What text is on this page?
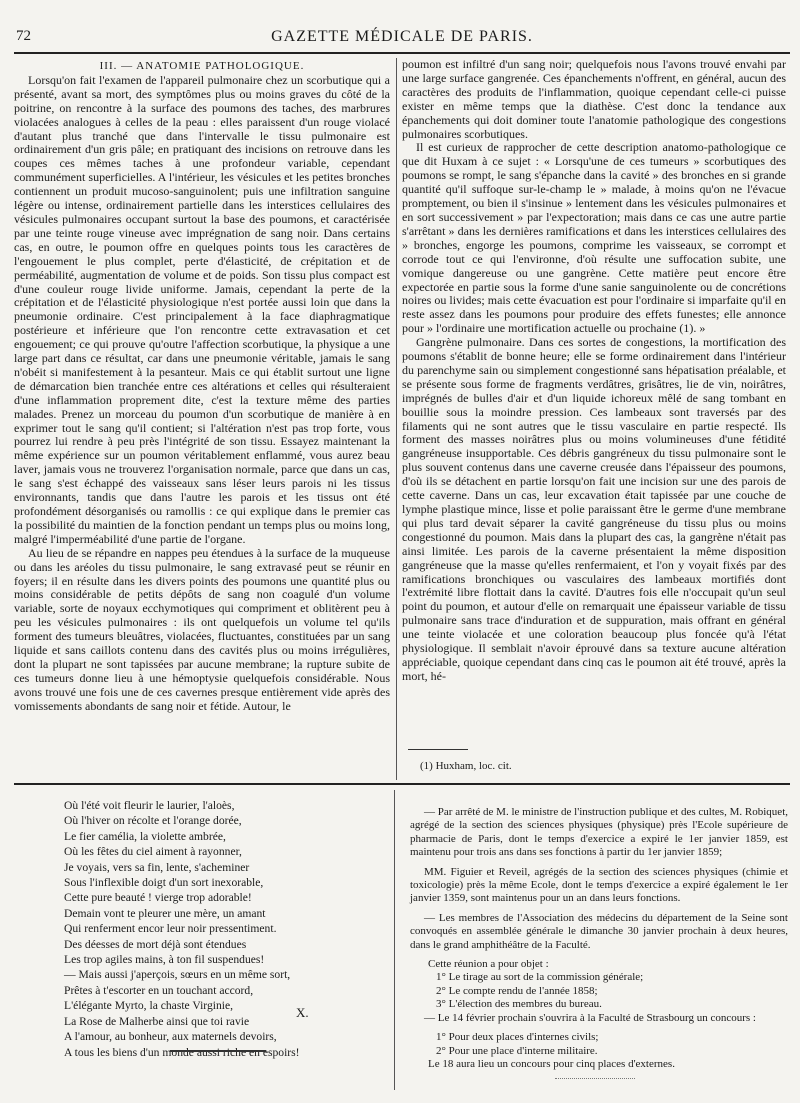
72	GAZETTE MÉDICALE DE PARIS.

III. — ANATOMIE PATHOLOGIQUE.

Lorsqu'on fait l'examen de l'appareil pulmonaire chez un scorbutique qui a présenté, avant sa mort, des symptômes plus ou moins graves du côté de la poitrine, on rencontre à la surface des poumons des taches, des marbrures violacées analogues à celles de la peau : elles paraissent d'un rouge violacé d'autant plus tranché que dans l'intervalle le tissu pulmonaire est ordinairement d'un gris pâle; en pratiquant des incisions on retrouve dans les coupes ces mêmes taches à une profondeur variable, cependant communément superficielles. A l'intérieur, les vésicules et les petites bronches contiennent un produit mucoso-sanguinolent; puis une infiltration sanguine légère ou intense, ordinairement partielle dans les interstices cellulaires des vésicules pulmonaires occupant surtout la base des poumons, et caractérisée par une teinte rouge vineuse avec imprégnation de sang noir. Dans certains cas, en outre, le poumon offre en quelques points tous les caractères de l'engouement le plus complet, perte d'élasticité, de crépitation et de perméabilité, augmentation de volume et de poids. Son tissu plus compact est d'une couleur rouge livide uniforme. Jamais, cependant la perte de la crépitation et de l'élasticité physiologique n'est portée aussi loin que dans la pneumonie ordinaire. C'est principalement à la face diaphragmatique postérieure et inférieure que l'on rencontre cette extravasation et cet engouement; ce qui prouve qu'outre l'affection scorbutique, la physique a une large part dans ce résultat, car dans une pneumonie véritable, jamais le sang n'obéit si manifestement à la pesanteur. Mais ce qui établit surtout une ligne de démarcation bien tranchée entre ces altérations et celles qui résulteraient d'une inflammation proprement dite, c'est la texture même des parties malades. Prenez un morceau du poumon d'un scorbutique de manière à en exprimer tout le sang qu'il contient; si l'altération n'est pas trop forte, vous pourrez lui rendre à peu près l'intégrité de son tissu. Essayez maintenant la même expérience sur un poumon véritablement enflammé, vous aurez beau laver, jamais vous ne trouverez l'organisation normale, parce que dans un cas, le sang s'est échappé des vaisseaux sans léser leurs parois ni les tissus environnants, tandis que dans l'autre les parois et les tissus ont été profondément désorganisés ou ramollis : ce qui explique dans le premier cas la possibilité du maintien de la fonction pendant un temps plus ou moins long, malgré l'imperméabilité d'une partie de l'organe.

Au lieu de se répandre en nappes peu étendues à la surface de la muqueuse ou dans les aréoles du tissu pulmonaire, le sang extravasé peut se réunir en foyers; il en résulte dans les divers points des poumons une quantité plus ou moins considérable de petits dépôts de sang non coagulé d'un volume variable, sorte de noyaux ecchymotiques qui compriment et oblitèrent peu à peu les vésicules pulmonaires : ils ont quelquefois un volume tel qu'ils forment des tumeurs bleuâtres, violacées, fluctuantes, constituées par un sang liquide et sans caillots contenu dans des cavités plus ou moins irrégulières, dont la plupart ne sont tapissées par aucune membrane; la rupture subite de ces tumeurs donne lieu à une hémoptysie quelquefois considérable. Nous avons trouvé une fois une de ces cavernes presque entièrement vide après des vomissements abondants de sang noir et fétide. Autour, le

poumon est infiltré d'un sang noir; quelquefois nous l'avons trouvé envahi par une large surface gangrenée. Ces épanchements n'offrent, en général, aucun des caractères des produits de l'inflammation, quoique cependant celle-ci puisse exister en même temps que la diathèse. C'est donc la tendance aux épanchements qui doit dominer toute l'anatomie pathologique des congestions pulmonaires scorbutiques.

Il est curieux de rapprocher de cette description anatomo-pathologique ce que dit Huxam à ce sujet : « Lorsqu'une de ces tumeurs » scorbutiques des poumons se rompt, le sang s'épanche dans la cavité » des bronches en si grande quantité qu'il suffoque sur-le-champ le » malade, à moins qu'on ne l'évacue promptement, ou bien il s'insinue » lentement dans les vésicules pulmonaires et en sort successivement » par l'expectoration; mais dans ce cas une autre partie s'arrêtant » dans les dernières ramifications et dans les interstices cellulaires des » bronches, engorge les poumons, comprime les vaisseaux, se corrompt et corrode tout ce qui l'environne, d'où résulte une suffocation subite, une vomique dangereuse ou une gangrène. Cette matière peut encore être expectorée en partie sous la forme d'une sanie sanguinolente ou de concrétions noires ou livides; mais cette évacuation est pour l'ordinaire si imparfaite qu'il en reste assez dans les poumons pour produire des effets funestes; elle annonce pour » l'ordinaire une mortification actuelle ou prochaine (1). »

Gangrène pulmonaire. Dans ces sortes de congestions, la mortification des poumons s'établit de bonne heure; elle se forme ordinairement dans l'intérieur du parenchyme sain ou simplement congestionné sans hépatisation préalable, et se présente sous forme de fragments verdâtres, grisâtres, lie de vin, noirâtres, imprégnés de bulles d'air et d'un liquide ichoreux mêlé de sang tombant en bouillie sous la moindre pression. Ces lambeaux sont traversés par des filaments qui ne sont autres que le tissu vasculaire en partie respecté. Ils forment des masses noirâtres plus ou moins volumineuses d'une fétidité gangréneuse insupportable. Ces débris gangréneux du tissu pulmonaire sont le plus souvent contenus dans une caverne creusée dans l'épaisseur des poumons, d'où ils se détachent en partie lorsqu'on fait une incision sur une des parois de cette caverne. Dans un cas, leur excavation était tapissée par une couche de lymphe plastique mince, lisse et polie paraissant être le germe d'une membrane qui plus tard devait séparer la cavité gangréneuse du tissu plus ou moins congestionné du poumon. Mais dans la plupart des cas, la gangrène n'était pas ainsi limitée. Les parois de la caverne présentaient la même disposition gangréneuse que la masse qu'elles renfermaient, et l'on y voyait fixés par des ramifications bronchiques ou vasculaires des lambeaux mortifiés dont l'extrémité libre flottait dans la cavité. D'autres fois elle n'occupait qu'un seul point du poumon, et autour d'elle on remarquait une épaisseur variable de tissu pulmonaire sans trace d'induration et de suppuration, mais offrant en général une teinte violacée et une coloration beaucoup plus foncée qu'à l'état physiologique. Il semblait n'avoir éprouvé dans sa texture aucune altération appréciable, quoique cependant dans cinq cas le poumon ait été trouvé, après la mort, hé-

(1) Huxham, loc. cit.
Où l'été voit fleurir le laurier, l'aloès,
Où l'hiver on récolte et l'orange dorée,
Le fier camélia, la violette ambrée,
Où les fêtes du ciel aiment à rayonner,
Je voyais, vers sa fin, lente, s'acheminer
Sous l'inflexible doigt d'un sort inexorable,
Cette pure beauté ! vierge trop adorable!
Demain vont te pleurer une mère, un amant
Qui renferment encor leur noir pressentiment.
Des déesses de mort déjà sont étendues
Les trop agiles mains, à ton fil suspendues!
— Mais aussi j'aperçois, sœurs en un même sort,
Prêtes à t'escorter en un touchant accord,
L'élégante Myrto, la chaste Virginie,
La Rose de Malherbe ainsi que toi ravie
A l'amour, au bonheur, aux maternels devoirs,
A tous les biens d'un monde aussi riche en espoirs!
X.

— Par arrêté de M. le ministre de l'instruction publique et des cultes, M. Robiquet, agrégé de la section des sciences physiques (physique) près l'Ecole supérieure de pharmacie de Paris, dont le temps d'exercice a expiré le 1er janvier 1859, est maintenu pour trois ans dans ses fonctions à partir du 1er janvier 1859;

MM. Figuier et Reveil, agrégés de la section des sciences physiques (chimie et toxicologie) près la même Ecole, dont le temps d'exercice a expiré également le 1er janvier 1359, sont maintenus pour un an dans leurs fonctions.

— Les membres de l'Association des médecins du département de la Seine sont convoqués en assemblée générale le dimanche 30 janvier prochain à deux heures, dans le grand amphithéâtre de la Faculté.

Cette réunion a pour objet :

1° Le tirage au sort de la commission générale;

2° Le compte rendu de l'année 1858;

3° L'élection des membres du bureau.

— Le 14 février prochain s'ouvrira à la Faculté de Strasbourg un concours :

1° Pour deux places d'internes civils;

2° Pour une place d'interne militaire.

Le 18 aura lieu un concours pour cinq places d'externes.
